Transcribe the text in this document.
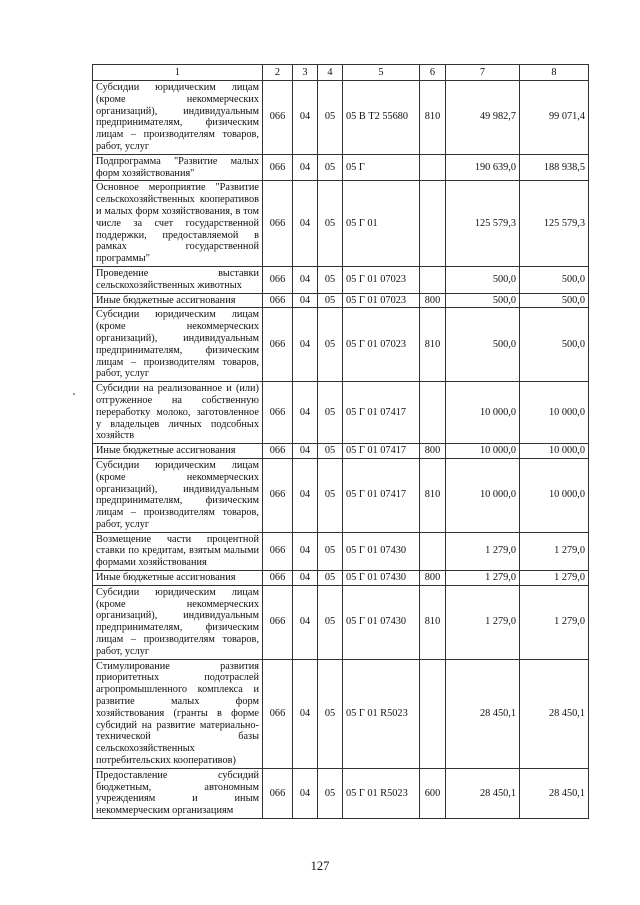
1	2	3	4	5	6	7	8
Субсидии юридическим лицам (кроме некоммерческих организаций), индивидуальным предпринимателям, физическим лицам – производителям товаров, работ, услуг	066	04	05	05 В Т2 55680	810	49 982,7	99 071,4
Подпрограмма "Развитие малых форм хозяйствования"	066	04	05	05 Г		190 639,0	188 938,5
Основное мероприятие "Развитие сельскохозяйственных кооперативов и малых форм хозяйствования, в том числе за счет государственной поддержки, предоставляемой в рамках государственной программы"	066	04	05	05 Г 01		125 579,3	125 579,3
Проведение выставки сельскохозяйственных животных	066	04	05	05 Г 01 07023		500,0	500,0
Иные бюджетные ассигнования	066	04	05	05 Г 01 07023	800	500,0	500,0
Субсидии юридическим лицам (кроме некоммерческих организаций), индивидуальным предпринимателям, физическим лицам – производителям товаров, работ, услуг	066	04	05	05 Г 01 07023	810	500,0	500,0
Субсидии на реализованное и (или) отгруженное на собственную переработку молоко, заготовленное у владельцев личных подсобных хозяйств	066	04	05	05 Г 01 07417		10 000,0	10 000,0
Иные бюджетные ассигнования	066	04	05	05 Г 01 07417	800	10 000,0	10 000,0
Субсидии юридическим лицам (кроме некоммерческих организаций), индивидуальным предпринимателям, физическим лицам – производителям товаров, работ, услуг	066	04	05	05 Г 01 07417	810	10 000,0	10 000,0
Возмещение части процентной ставки по кредитам, взятым малыми формами хозяйствования	066	04	05	05 Г 01 07430		1 279,0	1 279,0
Иные бюджетные ассигнования	066	04	05	05 Г 01 07430	800	1 279,0	1 279,0
Субсидии юридическим лицам (кроме некоммерческих организаций), индивидуальным предпринимателям, физическим лицам – производителям товаров, работ, услуг	066	04	05	05 Г 01 07430	810	1 279,0	1 279,0
Стимулирование развития приоритетных подотраслей агропромышленного комплекса и развитие малых форм хозяйствования (гранты в форме субсидий на развитие материально-технической базы сельскохозяйственных потребительских кооперативов)	066	04	05	05 Г 01 R5023		28 450,1	28 450,1
Предоставление субсидий бюджетным, автономным учреждениям и иным некоммерческим организациям	066	04	05	05 Г 01 R5023	600	28 450,1	28 450,1
127
